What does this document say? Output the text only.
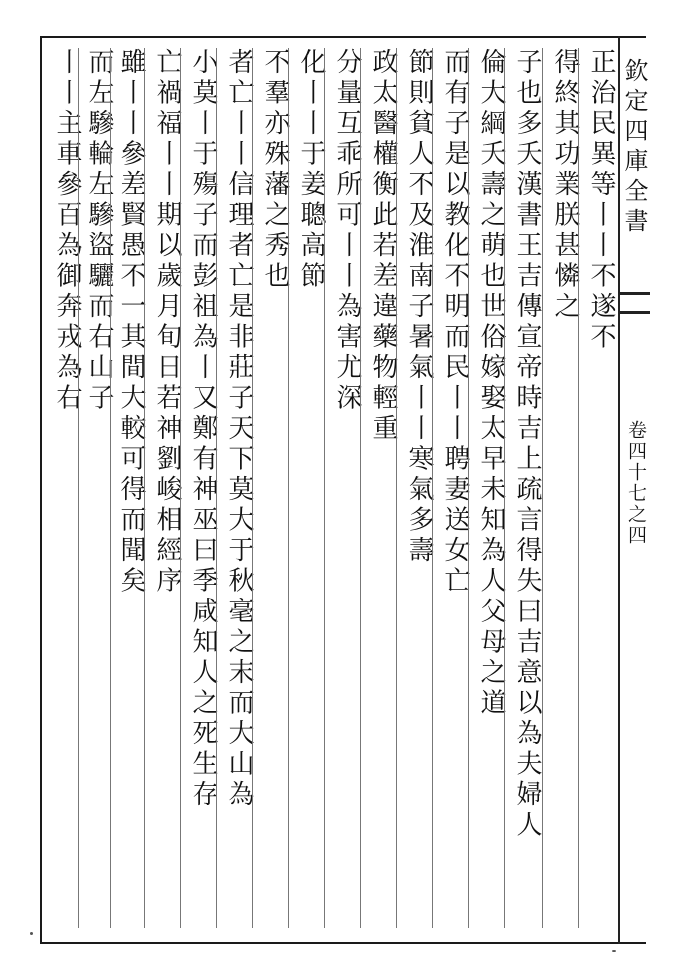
欽定四庫全書
卷四十七之四
正治民異等丨丨不遂不
得終其功業朕甚憐之
子也多夭漢書王吉傳宣帝時吉上疏言得失曰吉意以為夫婦人
倫大綱夭壽之萌也世俗嫁娶太早未知為人父母之道
而有子是以教化不明而民丨丨聘妻送女亡
節則貧人不及淮南子暑氣丨丨寒氣多壽
政太醫權衡此若差違藥物輕重
分量互乖所可丨丨為害尤深
化丨丨于姜聰高節
不羣亦殊藩之秀也
者亡丨丨信理者亡是非莊子天下莫大于秋毫之末而大山為
小莫丨于殤子而彭祖為丨又鄭有神巫曰季咸知人之死生存
亡禍福丨丨期以歲月旬日若神劉峻相經序
雖丨丨參差賢愚不一其間大較可得而聞矣
而左驂輪左驂盜驪而右山子
丨丨主車參百為御奔戎為右
